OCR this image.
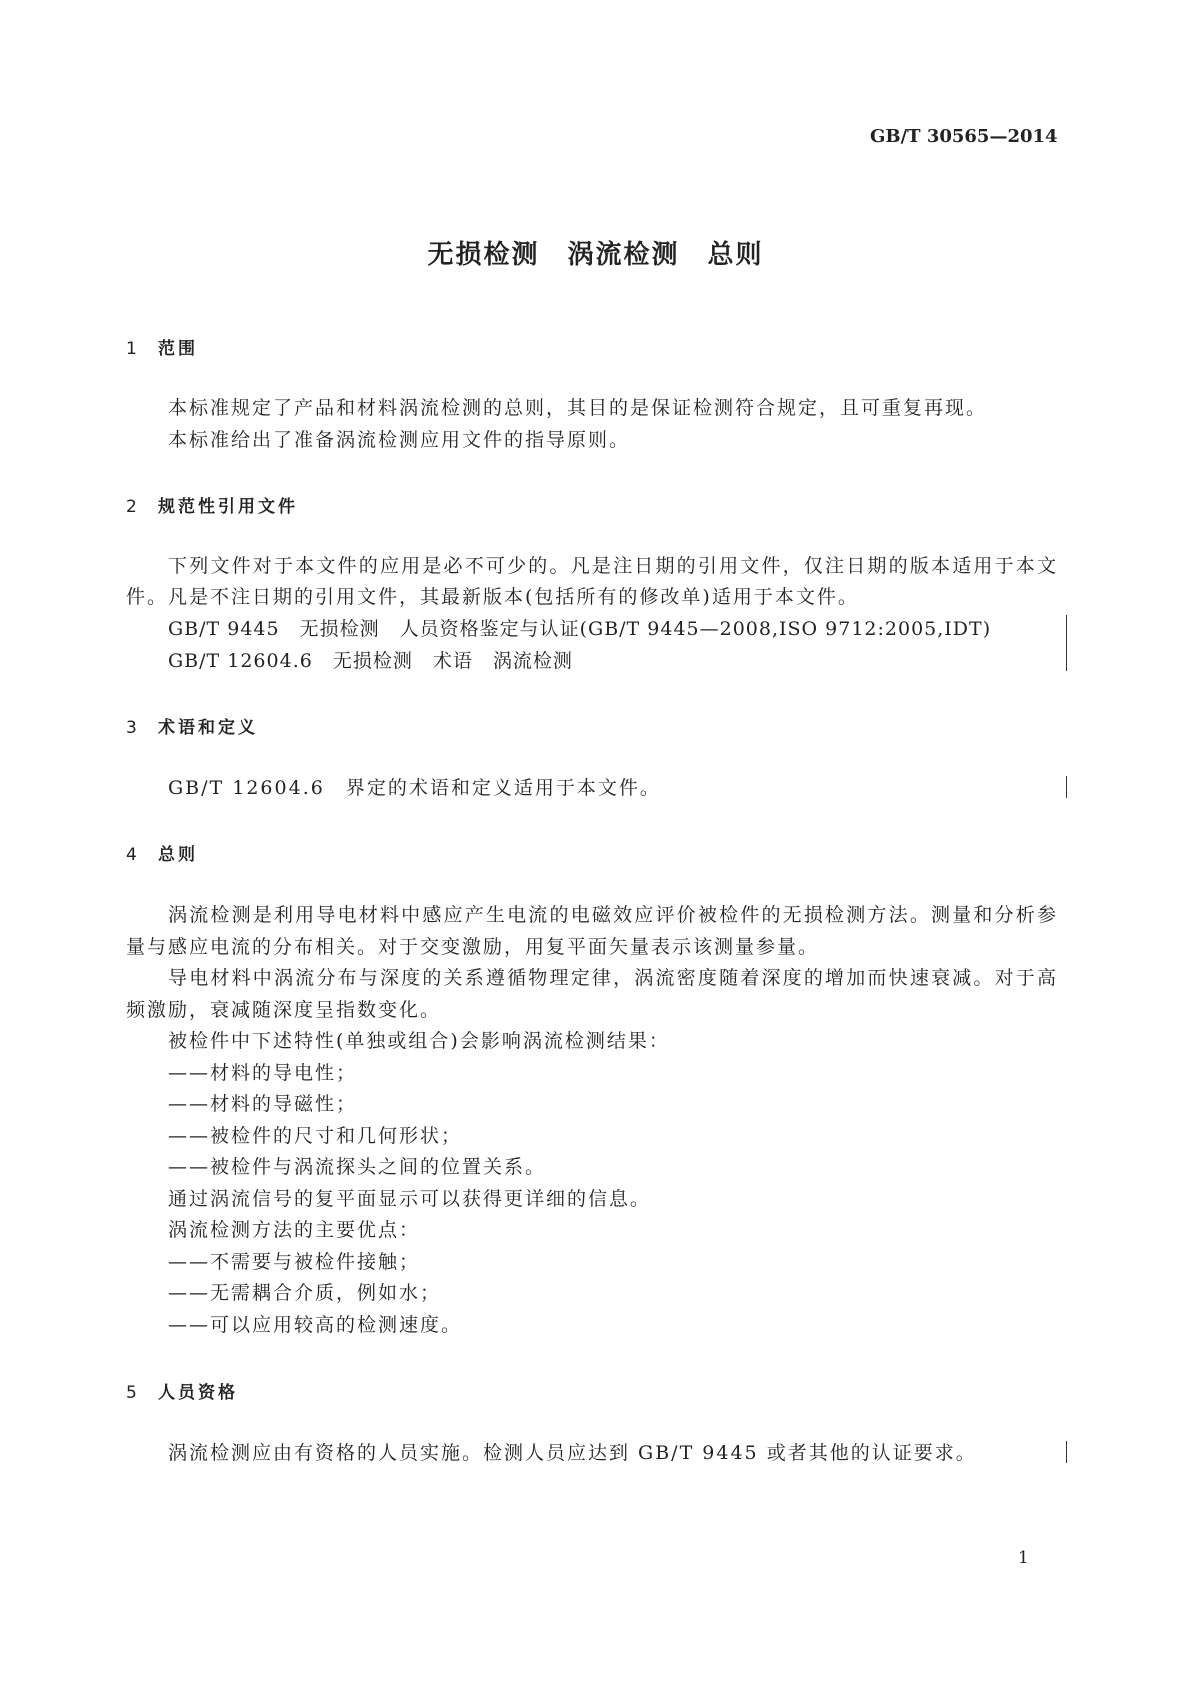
GB/T 30565—2014
无损检测　涡流检测　总则
1 范围
本标准规定了产品和材料涡流检测的总则，其目的是保证检测符合规定，且可重复再现。
本标准给出了准备涡流检测应用文件的指导原则。
2 规范性引用文件
下列文件对于本文件的应用是必不可少的。凡是注日期的引用文件，仅注日期的版本适用于本文
件。凡是不注日期的引用文件，其最新版本(包括所有的修改单)适用于本文件。
GB/T 9445　无损检测　人员资格鉴定与认证(GB/T 9445—2008,ISO 9712:2005,IDT)
GB/T 12604.6　无损检测　术语　涡流检测
3 术语和定义
GB/T 12604.6　界定的术语和定义适用于本文件。
4 总则
涡流检测是利用导电材料中感应产生电流的电磁效应评价被检件的无损检测方法。测量和分析参
量与感应电流的分布相关。对于交变激励，用复平面矢量表示该测量参量。
导电材料中涡流分布与深度的关系遵循物理定律，涡流密度随着深度的增加而快速衰减。对于高
频激励，衰减随深度呈指数变化。
被检件中下述特性(单独或组合)会影响涡流检测结果：
——材料的导电性；
——材料的导磁性；
——被检件的尺寸和几何形状；
——被检件与涡流探头之间的位置关系。
通过涡流信号的复平面显示可以获得更详细的信息。
涡流检测方法的主要优点：
——不需要与被检件接触；
——无需耦合介质，例如水；
——可以应用较高的检测速度。
5 人员资格
涡流检测应由有资格的人员实施。检测人员应达到 GB/T 9445 或者其他的认证要求。
1
